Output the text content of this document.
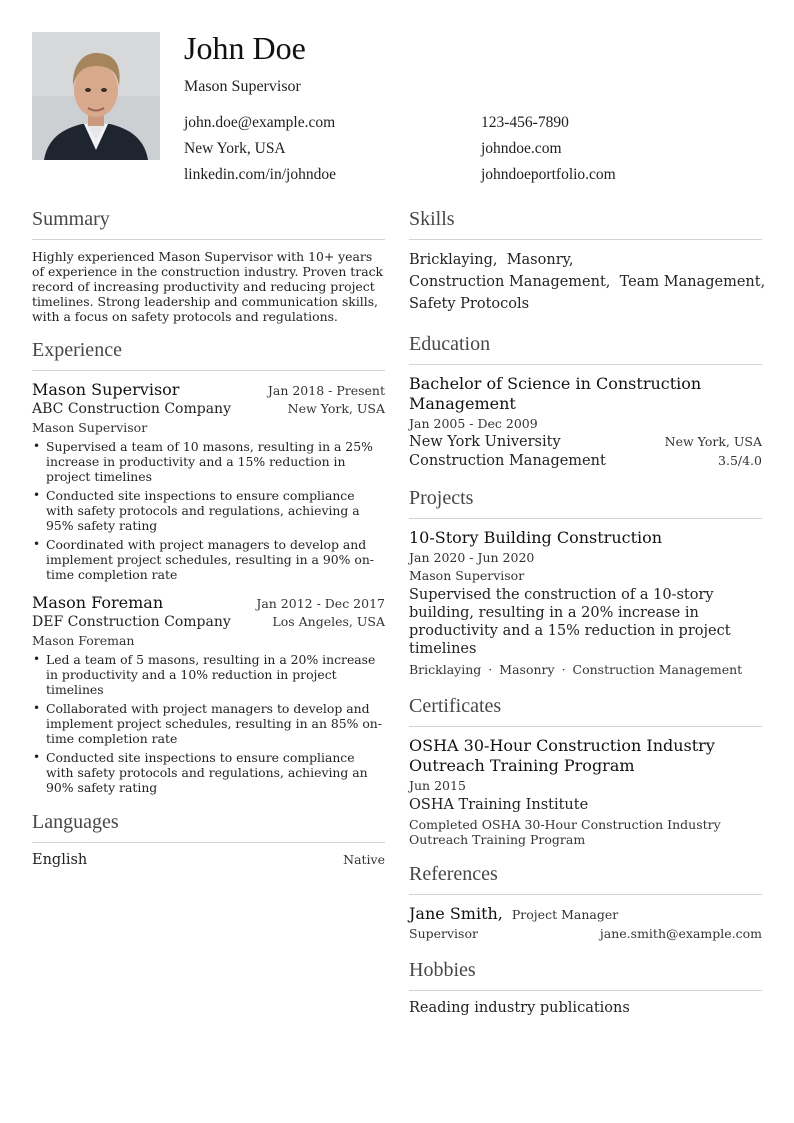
John Doe
Mason Supervisor
john.doe@example.com	123-456-7890
New York, USA	johndoe.com
linkedin.com/in/johndoe	johndoeportfolio.com
Summary
Highly experienced Mason Supervisor with 10+ years of experience in the construction industry. Proven track record of increasing productivity and reducing project timelines. Strong leadership and communication skills, with a focus on safety protocols and regulations.
Experience
Mason Supervisor	Jan 2018 - Present
ABC Construction Company	New York, USA
Mason Supervisor
• Supervised a team of 10 masons, resulting in a 25% increase in productivity and a 15% reduction in project timelines
• Conducted site inspections to ensure compliance with safety protocols and regulations, achieving a 95% safety rating
• Coordinated with project managers to develop and implement project schedules, resulting in a 90% on-time completion rate
Mason Foreman	Jan 2012 - Dec 2017
DEF Construction Company	Los Angeles, USA
Mason Foreman
• Led a team of 5 masons, resulting in a 20% increase in productivity and a 10% reduction in project timelines
• Collaborated with project managers to develop and implement project schedules, resulting in an 85% on-time completion rate
• Conducted site inspections to ensure compliance with safety protocols and regulations, achieving an 90% safety rating
Languages
English	Native
Skills
Bricklaying,  Masonry,
Construction Management,  Team Management,
Safety Protocols
Education
Bachelor of Science in Construction Management
Jan 2005 - Dec 2009
New York University	New York, USA
Construction Management	3.5/4.0
Projects
10-Story Building Construction
Jan 2020 - Jun 2020
Mason Supervisor
Supervised the construction of a 10-story building, resulting in a 20% increase in productivity and a 15% reduction in project timelines
Bricklaying · Masonry · Construction Management
Certificates
OSHA 30-Hour Construction Industry Outreach Training Program
Jun 2015
OSHA Training Institute
Completed OSHA 30-Hour Construction Industry Outreach Training Program
References
Jane Smith, Project Manager
Supervisor	jane.smith@example.com
Hobbies
Reading industry publications
